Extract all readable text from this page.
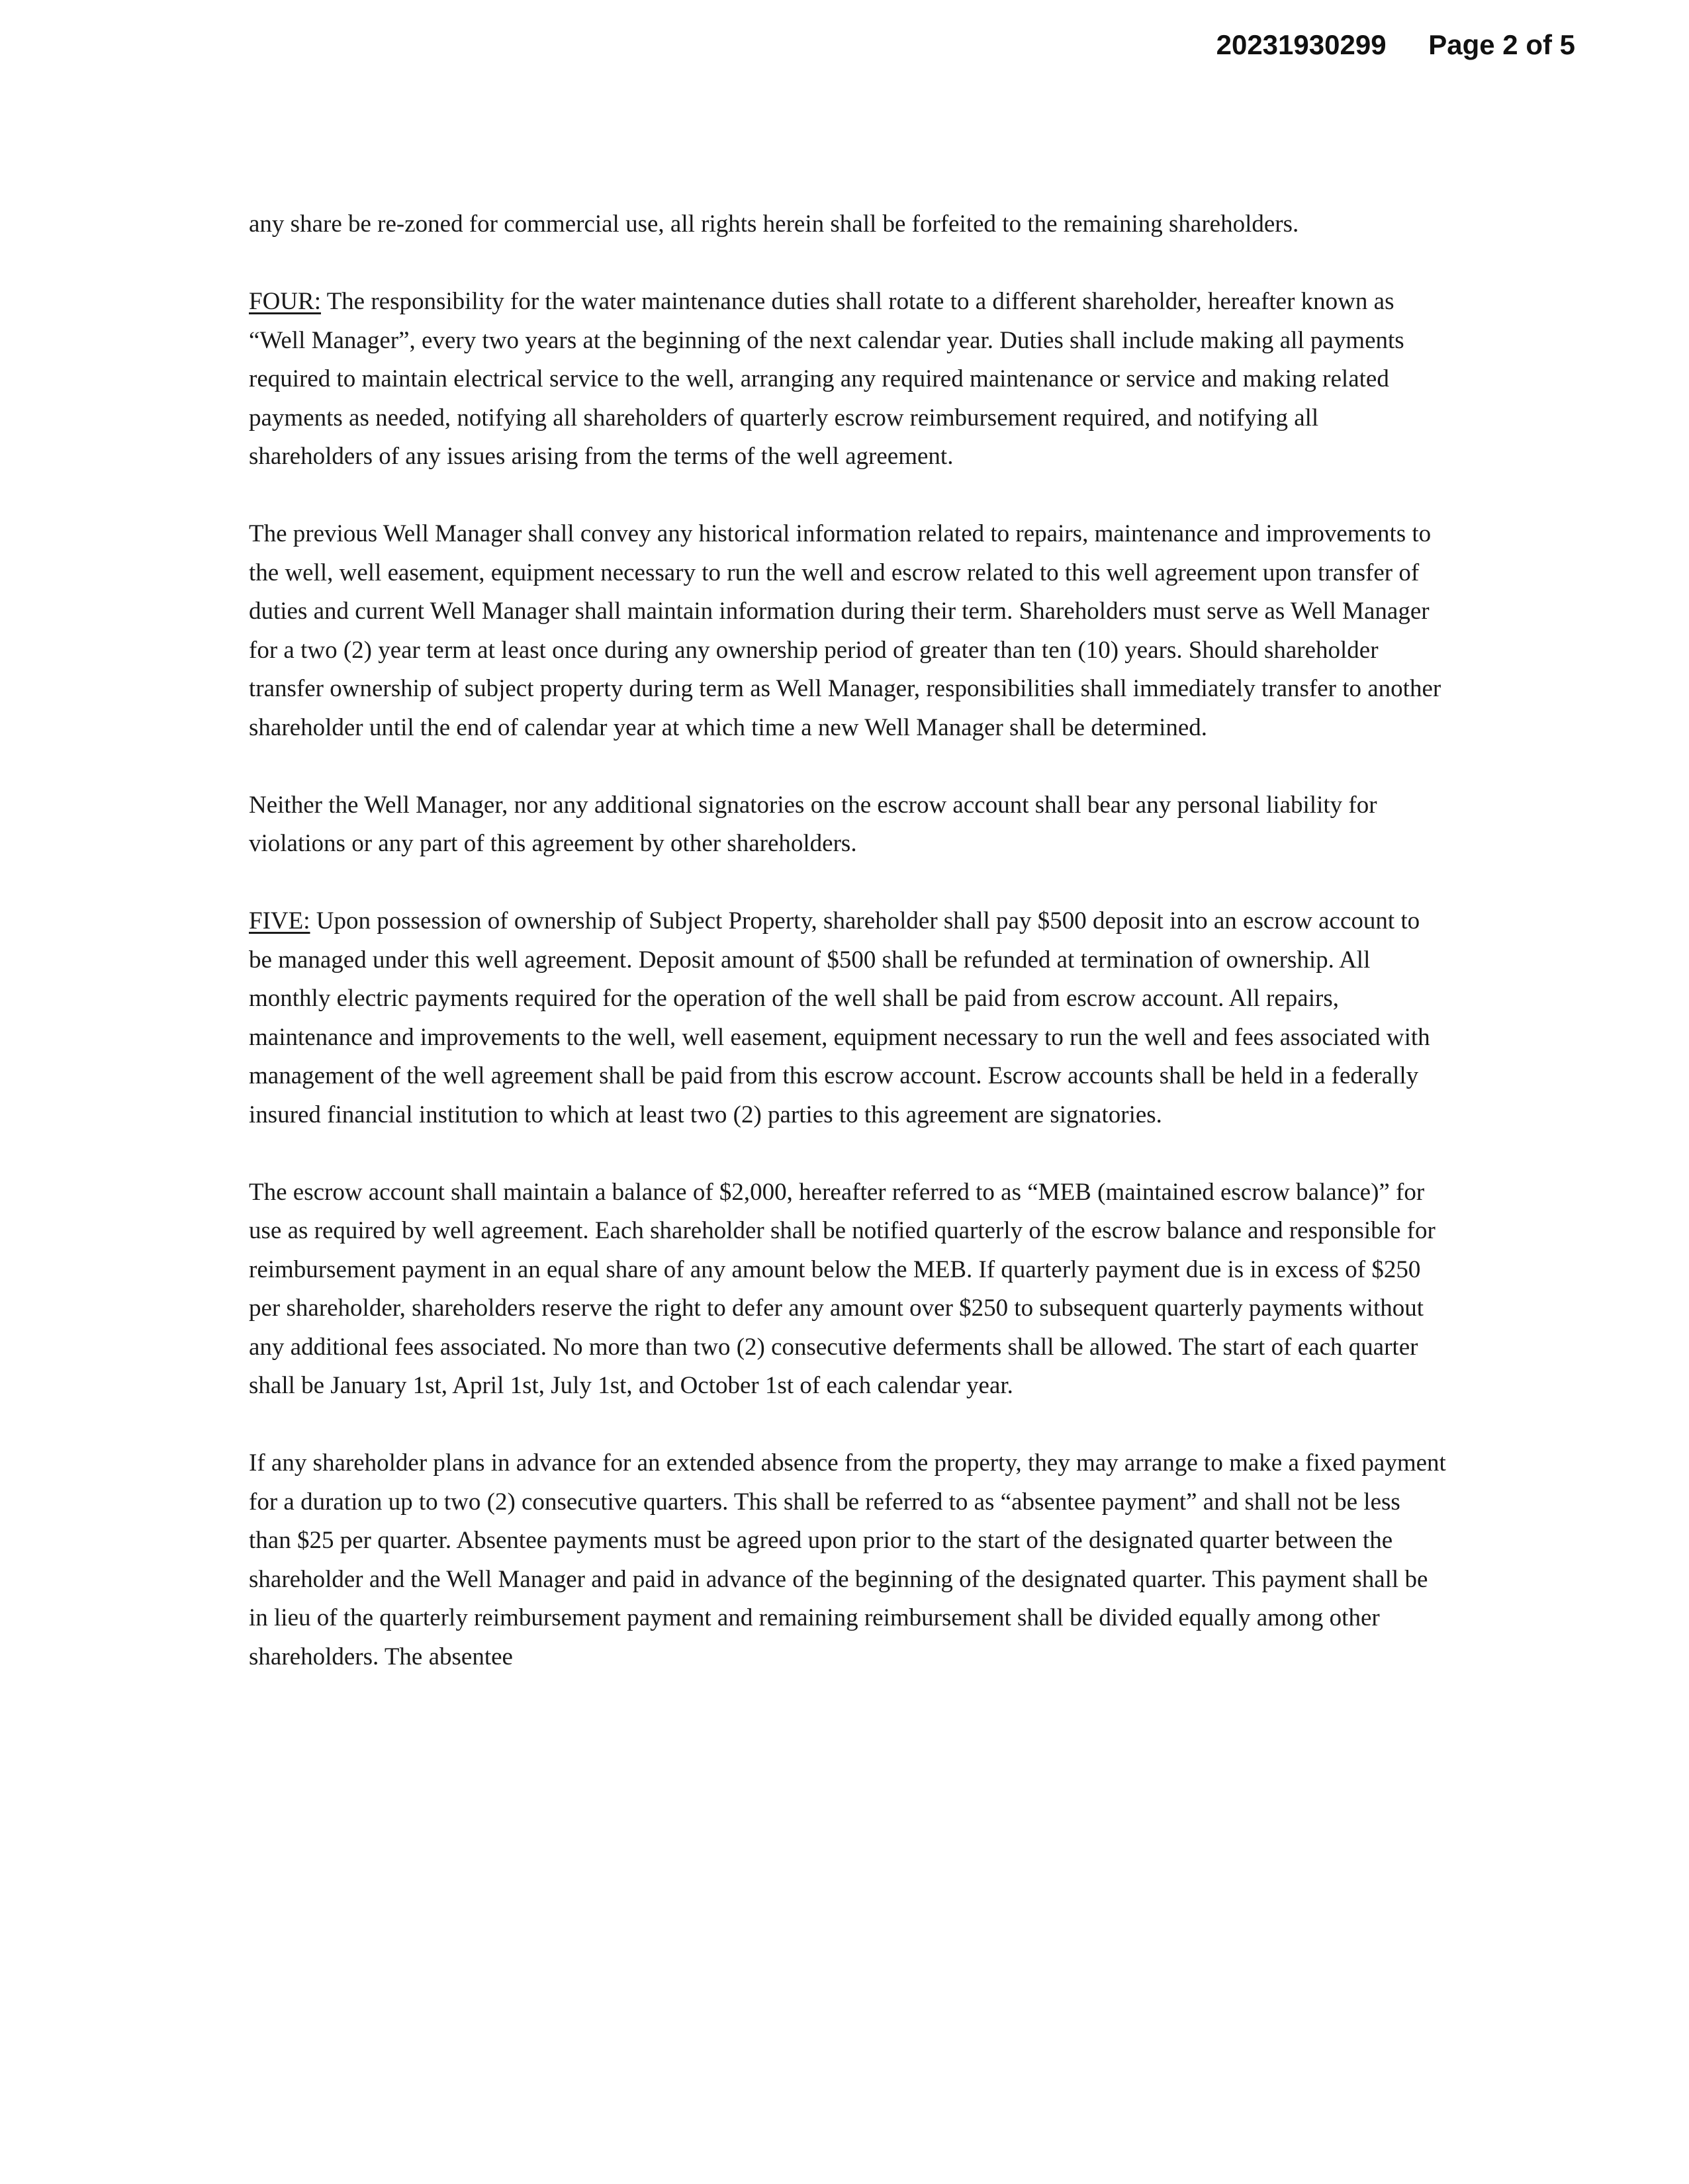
20231930299 Page 2 of 5

any share be re-zoned for commercial use, all rights herein shall be forfeited to the remaining shareholders.

FOUR: The responsibility for the water maintenance duties shall rotate to a different shareholder, hereafter known as “Well Manager”, every two years at the beginning of the next calendar year. Duties shall include making all payments required to maintain electrical service to the well, arranging any required maintenance or service and making related payments as needed, notifying all shareholders of quarterly escrow reimbursement required, and notifying all shareholders of any issues arising from the terms of the well agreement.

The previous Well Manager shall convey any historical information related to repairs, maintenance and improvements to the well, well easement, equipment necessary to run the well and escrow related to this well agreement upon transfer of duties and current Well Manager shall maintain information during their term. Shareholders must serve as Well Manager for a two (2) year term at least once during any ownership period of greater than ten (10) years. Should shareholder transfer ownership of subject property during term as Well Manager, responsibilities shall immediately transfer to another shareholder until the end of calendar year at which time a new Well Manager shall be determined.

Neither the Well Manager, nor any additional signatories on the escrow account shall bear any personal liability for violations or any part of this agreement by other shareholders.

FIVE: Upon possession of ownership of Subject Property, shareholder shall pay $500 deposit into an escrow account to be managed under this well agreement. Deposit amount of $500 shall be refunded at termination of ownership. All monthly electric payments required for the operation of the well shall be paid from escrow account. All repairs, maintenance and improvements to the well, well easement, equipment necessary to run the well and fees associated with management of the well agreement shall be paid from this escrow account. Escrow accounts shall be held in a federally insured financial institution to which at least two (2) parties to this agreement are signatories.

The escrow account shall maintain a balance of $2,000, hereafter referred to as “MEB (maintained escrow balance)” for use as required by well agreement. Each shareholder shall be notified quarterly of the escrow balance and responsible for reimbursement payment in an equal share of any amount below the MEB. If quarterly payment due is in excess of $250 per shareholder, shareholders reserve the right to defer any amount over $250 to subsequent quarterly payments without any additional fees associated. No more than two (2) consecutive deferments shall be allowed. The start of each quarter shall be January 1st, April 1st, July 1st, and October 1st of each calendar year.

If any shareholder plans in advance for an extended absence from the property, they may arrange to make a fixed payment for a duration up to two (2) consecutive quarters. This shall be referred to as “absentee payment” and shall not be less than $25 per quarter. Absentee payments must be agreed upon prior to the start of the designated quarter between the shareholder and the Well Manager and paid in advance of the beginning of the designated quarter. This payment shall be in lieu of the quarterly reimbursement payment and remaining reimbursement shall be divided equally among other shareholders. The absentee
